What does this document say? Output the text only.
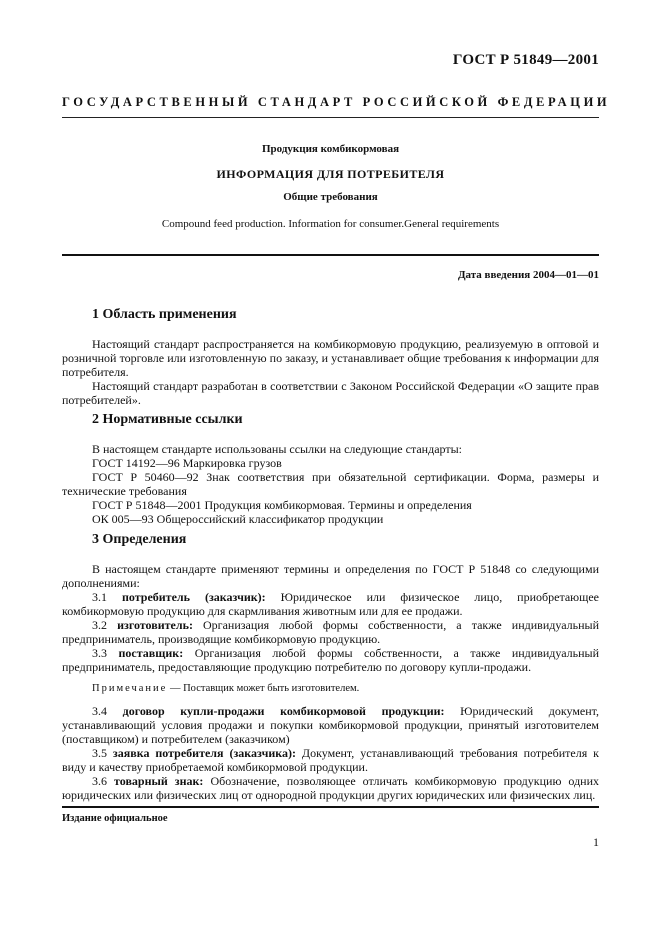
ГОСТ Р 51849—2001
ГОСУДАРСТВЕННЫЙ СТАНДАРТ РОССИЙСКОЙ ФЕДЕРАЦИИ
Продукция комбикормовая
ИНФОРМАЦИЯ ДЛЯ ПОТРЕБИТЕЛЯ
Общие требования
Compound feed production. Information for consumer.General requirements
Дата введения 2004—01—01
1 Область применения

Настоящий стандарт распространяется на комбикормовую продукцию, реализуемую в оптовой и розничной торговле или изготовленную по заказу, и устанавливает общие требования к информации для потребителя.

Настоящий стандарт разработан в соответствии с Законом Российской Федерации «О защите прав потребителей».

2 Нормативные ссылки

В настоящем стандарте использованы ссылки на следующие стандарты:

ГОСТ 14192—96 Маркировка грузов

ГОСТ Р 50460—92 Знак соответствия при обязательной сертификации. Форма, размеры и технические требования

ГОСТ Р 51848—2001 Продукция комбикормовая. Термины и определения

ОК 005—93 Общероссийский классификатор продукции

3 Определения

В настоящем стандарте применяют термины и определения по ГОСТ Р 51848 со следующими дополнениями:

3.1 потребитель (заказчик): Юридическое или физическое лицо, приобретающее комбикормовую продукцию для скармливания животным или для ее продажи.

3.2 изготовитель: Организация любой формы собственности, а также индивидуальный предприниматель, производящие комбикормовую продукцию.

3.3 поставщик: Организация любой формы собственности, а также индивидуальный предприниматель, предоставляющие продукцию потребителю по договору купли-продажи.

Примечание — Поставщик может быть изготовителем.

3.4 договор купли-продажи комбикормовой продукции: Юридический документ, устанавливающий условия продажи и покупки комбикормовой продукции, принятый изготовителем (поставщиком) и потребителем (заказчиком)

3.5 заявка потребителя (заказчика): Документ, устанавливающий требования потребителя к виду и качеству приобретаемой комбикормовой продукции.

3.6 товарный знак: Обозначение, позволяющее отличать комбикормовую продукцию одних юридических или физических лиц от однородной продукции других юридических или физических лиц.

Издание официальное
1
